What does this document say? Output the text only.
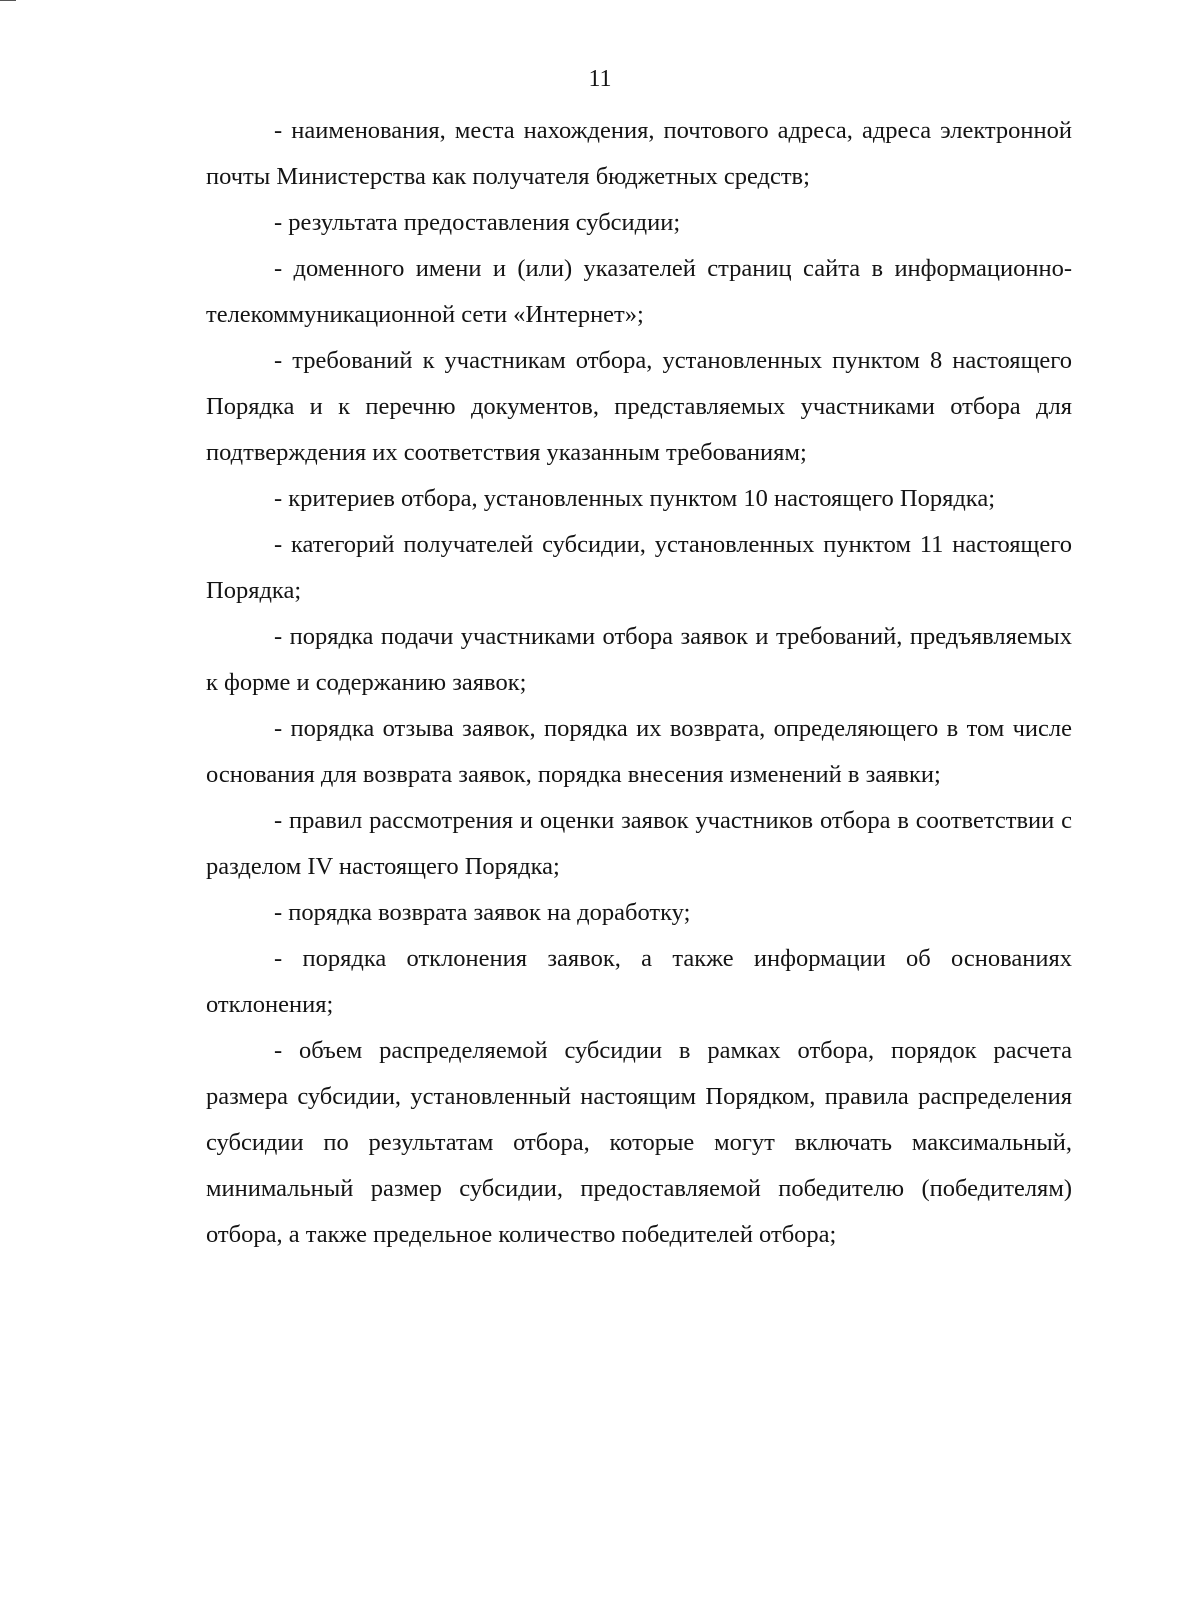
11

- наименования, места нахождения, почтового адреса, адреса электронной почты Министерства как получателя бюджетных средств;

- результата предоставления субсидии;

- доменного имени и (или) указателей страниц сайта в информационно-телекоммуникационной сети «Интернет»;

- требований к участникам отбора, установленных пунктом 8 настоящего Порядка и к перечню документов, представляемых участниками отбора для подтверждения их соответствия указанным требованиям;

- критериев отбора, установленных пунктом 10 настоящего Порядка;

- категорий получателей субсидии, установленных пунктом 11 настоящего Порядка;

- порядка подачи участниками отбора заявок и требований, предъявляемых к форме и содержанию заявок;

- порядка отзыва заявок, порядка их возврата, определяющего в том числе основания для возврата заявок, порядка внесения изменений в заявки;

- правил рассмотрения и оценки заявок участников отбора в соответствии с разделом IV настоящего Порядка;

- порядка возврата заявок на доработку;

- порядка отклонения заявок, а также информации об основаниях отклонения;

- объем распределяемой субсидии в рамках отбора, порядок расчета размера субсидии, установленный настоящим Порядком, правила распределения субсидии по результатам отбора, которые могут включать максимальный, минимальный размер субсидии, предоставляемой победителю (победителям) отбора, а также предельное количество победителей отбора;
